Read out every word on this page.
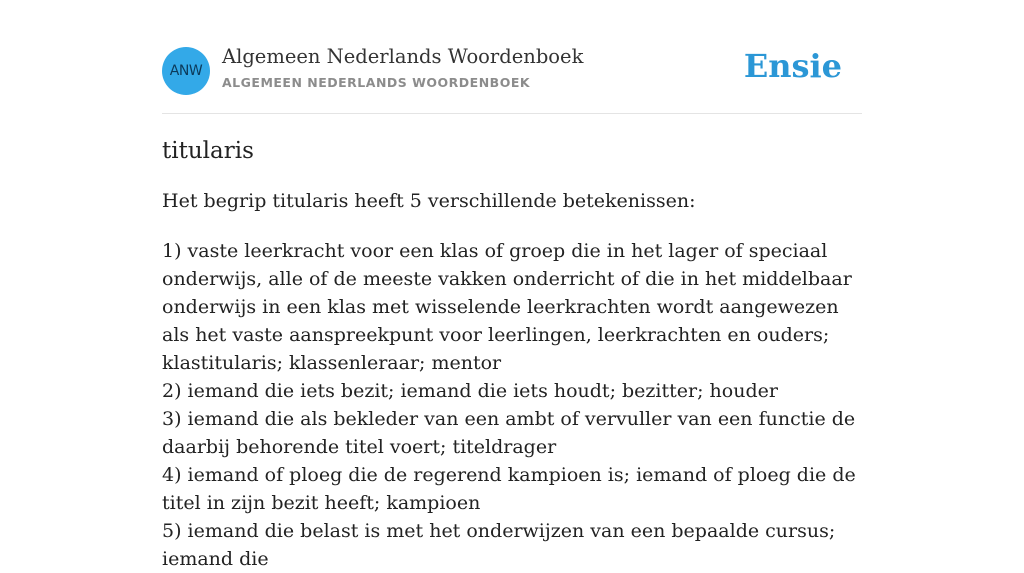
ANW
Algemeen Nederlands Woordenboek
ALGEMEEN NEDERLANDS WOORDENBOEK	Ensie
titularis

Het begrip titularis heeft 5 verschillende betekenissen:

1) vaste leerkracht voor een klas of groep die in het lager of speciaal onderwijs, alle of de meeste vakken onderricht of die in het middelbaar onderwijs in een klas met wisselende leerkrachten wordt aangewezen als het vaste aanspreekpunt voor leerlingen, leerkrachten en ouders; klastitularis; klassenleraar; mentor
2) iemand die iets bezit; iemand die iets houdt; bezitter; houder
3) iemand die als bekleder van een ambt of vervuller van een functie de daarbij behorende titel voert; titeldrager
4) iemand of ploeg die de regerend kampioen is; iemand of ploeg die de titel in zijn bezit heeft; kampioen
5) iemand die belast is met het onderwijzen van een bepaalde cursus; iemand die
